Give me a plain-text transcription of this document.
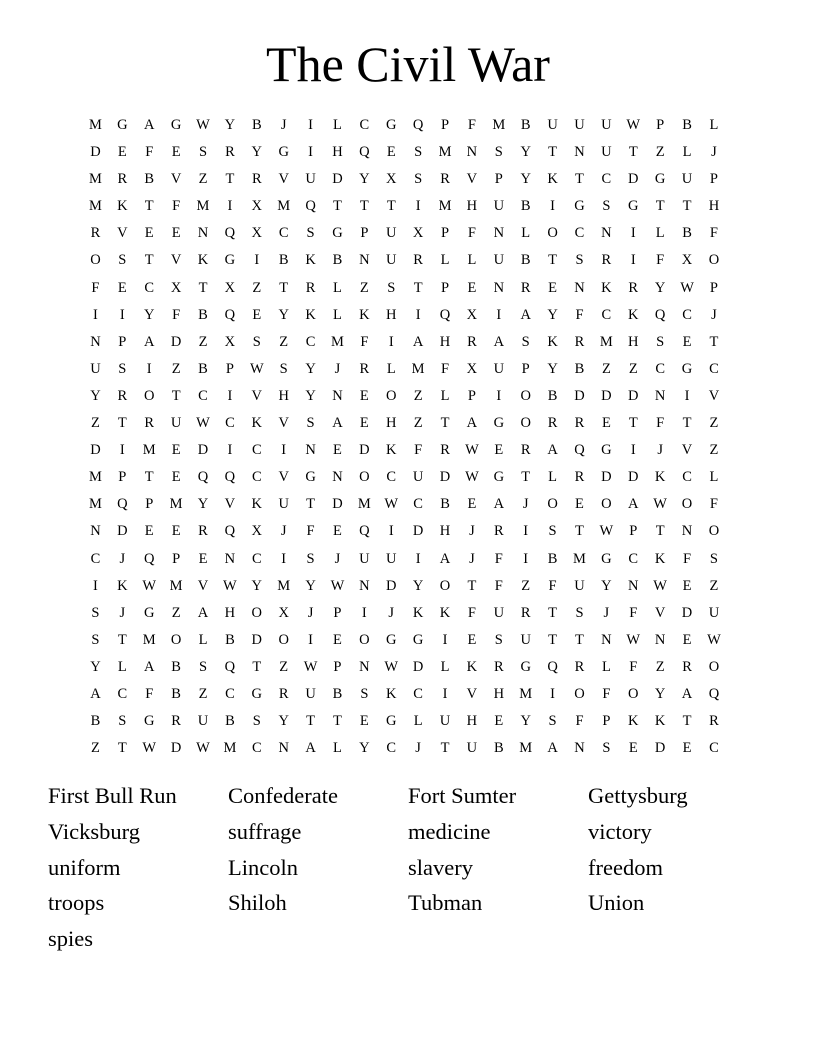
The Civil War
M	G	A	G	W	Y	B	J	I	L	C	G	Q	P	F	M	B	U	U	U	W	P	B	L
D	E	F	E	S	R	Y	G	I	H	Q	E	S	M	N	S	Y	T	N	U	T	Z	L	J
M	R	B	V	Z	T	R	V	U	D	Y	X	S	R	V	P	Y	K	T	C	D	G	U	P
M	K	T	F	M	I	X	M	Q	T	T	T	I	M	H	U	B	I	G	S	G	T	T	H
R	V	E	E	N	Q	X	C	S	G	P	U	X	P	F	N	L	O	C	N	I	L	B	F
O	S	T	V	K	G	I	B	K	B	N	U	R	L	L	U	B	T	S	R	I	F	X	O
F	E	C	X	T	X	Z	T	R	L	Z	S	T	P	E	N	R	E	N	K	R	Y	W	P
I	I	Y	F	B	Q	E	Y	K	L	K	H	I	Q	X	I	A	Y	F	C	K	Q	C	J
N	P	A	D	Z	X	S	Z	C	M	F	I	A	H	R	A	S	K	R	M	H	S	E	T
U	S	I	Z	B	P	W	S	Y	J	R	L	M	F	X	U	P	Y	B	Z	Z	C	G	C
Y	R	O	T	C	I	V	H	Y	N	E	O	Z	L	P	I	O	B	D	D	D	N	I	V
Z	T	R	U	W	C	K	V	S	A	E	H	Z	T	A	G	O	R	R	E	T	F	T	Z
D	I	M	E	D	I	C	I	N	E	D	K	F	R	W	E	R	A	Q	G	I	J	V	Z
M	P	T	E	Q	Q	C	V	G	N	O	C	U	D	W	G	T	L	R	D	D	K	C	L
M	Q	P	M	Y	V	K	U	T	D	M W	C	B	E	A	J	O	E	O	A	W	O	F
N	D	E	E	R	Q	X	J	F	E	Q	I	D	H	J	R	I	S	T	W	P	T	N	O
C	J	Q	P	E	N	C	I	S	J	U	U	I	A	J	F	I	B	M	G	C	K	F	S
I	K	W M	V	W	Y	M	Y	W	N	D	Y	O	T	F	Z	F	U	Y	N	W	E	Z
S	J	G	Z	A	H	O	X	J	P	I	J	K	K	F	U	R	T	S	J	F	V	D	U
S	T	M	O	L	B	D	O	I	E	O	G	G	I	E	S	U	T	T	N	W	N	E	W
Y	L	A	B	S	Q	T	Z	W	P	N	W	D	L	K	R	G	Q	R	L	F	Z	R	O
A	C	F	B	Z	C	G	R	U	B	S	K	C	I	V	H	M	I	O	F	O	Y	A	Q
B	S	G	R	U	B	S	Y	T	T	E	G	L	U	H	E	Y	S	F	P	K	K	T	R
Z	T	W	D	W M	C	N	A	L	Y	C	J	T	U	B	M	A	N	S	E	D	E	C
First Bull Run	Confederate	Fort Sumter	Gettysburg
Vicksburg	suffrage	medicine	victory
uniform	Lincoln	slavery	freedom
troops	Shiloh	Tubman	Union
spies
